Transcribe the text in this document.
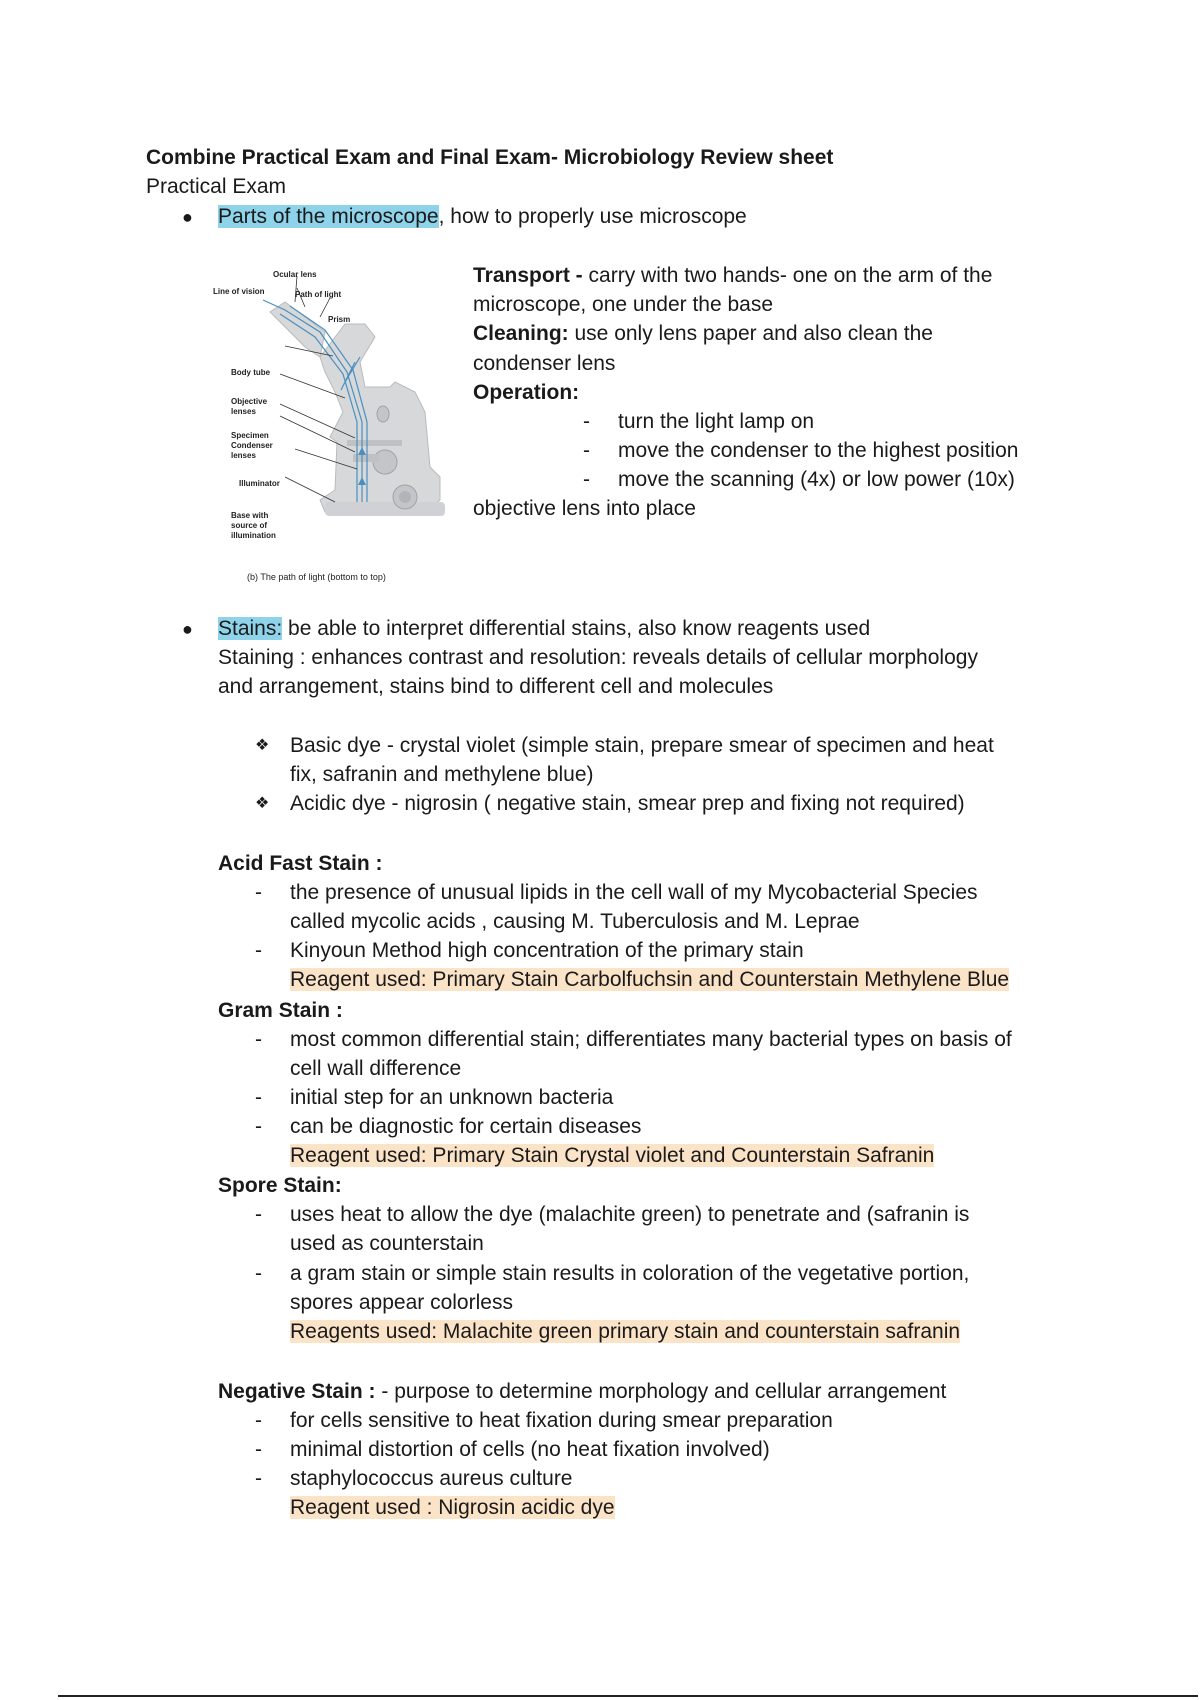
Combine Practical Exam and Final Exam- Microbiology Review sheet
Practical Exam
● Parts of the microscope, how to properly use microscope
Ocular lens
Line of vision	Path of light
Prism
Body tube
Objective
lenses
Specimen
Condenser
lenses
Illuminator
Base with
source of
illumination
(b) The path of light (bottom to top)
Transport - carry with two hands- one on the arm of the
microscope, one under the base
Cleaning: use only lens paper and also clean the
condenser lens
Operation:
- turn the light lamp on
- move the condenser to the highest position
- move the scanning (4x) or low power (10x)
objective lens into place
● Stains: be able to interpret differential stains, also know reagents used
Staining : enhances contrast and resolution: reveals details of cellular morphology
and arrangement, stains bind to different cell and molecules
❖ Basic dye - crystal violet (simple stain, prepare smear of specimen and heat
fix, safranin and methylene blue)
❖ Acidic dye - nigrosin ( negative stain, smear prep and fixing not required)
Acid Fast Stain :
- the presence of unusual lipids in the cell wall of my Mycobacterial Species
called mycolic acids , causing M. Tuberculosis and M. Leprae
- Kinyoun Method high concentration of the primary stain
Reagent used: Primary Stain Carbolfuchsin and Counterstain Methylene Blue
Gram Stain :
- most common differential stain; differentiates many bacterial types on basis of
cell wall difference
- initial step for an unknown bacteria
- can be diagnostic for certain diseases
Reagent used: Primary Stain Crystal violet and Counterstain Safranin
Spore Stain:
- uses heat to allow the dye (malachite green) to penetrate and (safranin is
used as counterstain
- a gram stain or simple stain results in coloration of the vegetative portion,
spores appear colorless
Reagents used: Malachite green primary stain and counterstain safranin
Negative Stain : - purpose to determine morphology and cellular arrangement
- for cells sensitive to heat fixation during smear preparation
- minimal distortion of cells (no heat fixation involved)
- staphylococcus aureus culture
Reagent used : Nigrosin acidic dye
